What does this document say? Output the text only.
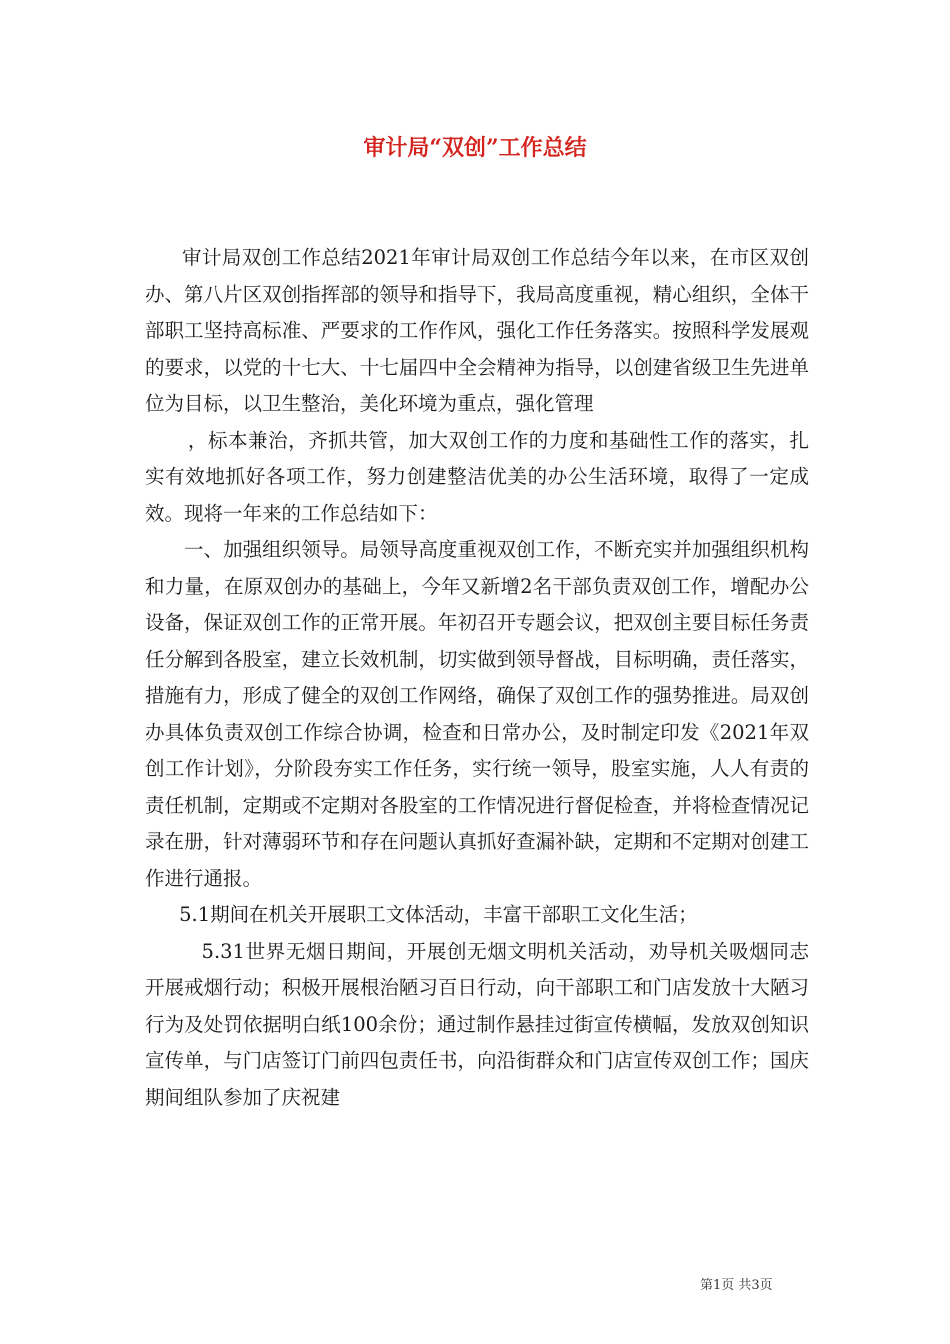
审计局“双创”工作总结

审计局双创工作总结2021年审计局双创工作总结今年以来，在市区双创办、第八片区双创指挥部的领导和指导下，我局高度重视，精心组织，全体干部职工坚持高标准、严要求的工作作风，强化工作任务落实。按照科学发展观的要求，以党的十七大、十七届四中全会精神为指导，以创建省级卫生先进单位为目标，以卫生整治，美化环境为重点，强化管理

，标本兼治，齐抓共管，加大双创工作的力度和基础性工作的落实，扎实有效地抓好各项工作，努力创建整洁优美的办公生活环境，取得了一定成效。现将一年来的工作总结如下：

一、加强组织领导。局领导高度重视双创工作，不断充实并加强组织机构和力量，在原双创办的基础上，今年又新增2名干部负责双创工作，增配办公设备，保证双创工作的正常开展。年初召开专题会议，把双创主要目标任务责任分解到各股室，建立长效机制，切实做到领导督战，目标明确，责任落实，措施有力，形成了健全的双创工作网络，确保了双创工作的强势推进。局双创办具体负责双创工作综合协调，检查和日常办公，及时制定印发《2021年双创工作计划》，分阶段夯实工作任务，实行统一领导，股室实施，人人有责的责任机制，定期或不定期对各股室的工作情况进行督促检查，并将检查情况记录在册，针对薄弱环节和存在问题认真抓好查漏补缺，定期和不定期对创建工作进行通报。

5.1期间在机关开展职工文体活动，丰富干部职工文化生活；

5.31世界无烟日期间，开展创无烟文明机关活动，劝导机关吸烟同志开展戒烟行动；积极开展根治陋习百日行动，向干部职工和门店发放十大陋习行为及处罚依据明白纸100余份；通过制作悬挂过街宣传横幅，发放双创知识宣传单，与门店签订门前四包责任书，向沿街群众和门店宣传双创工作；国庆期间组队参加了庆祝建

第1页 共3页
